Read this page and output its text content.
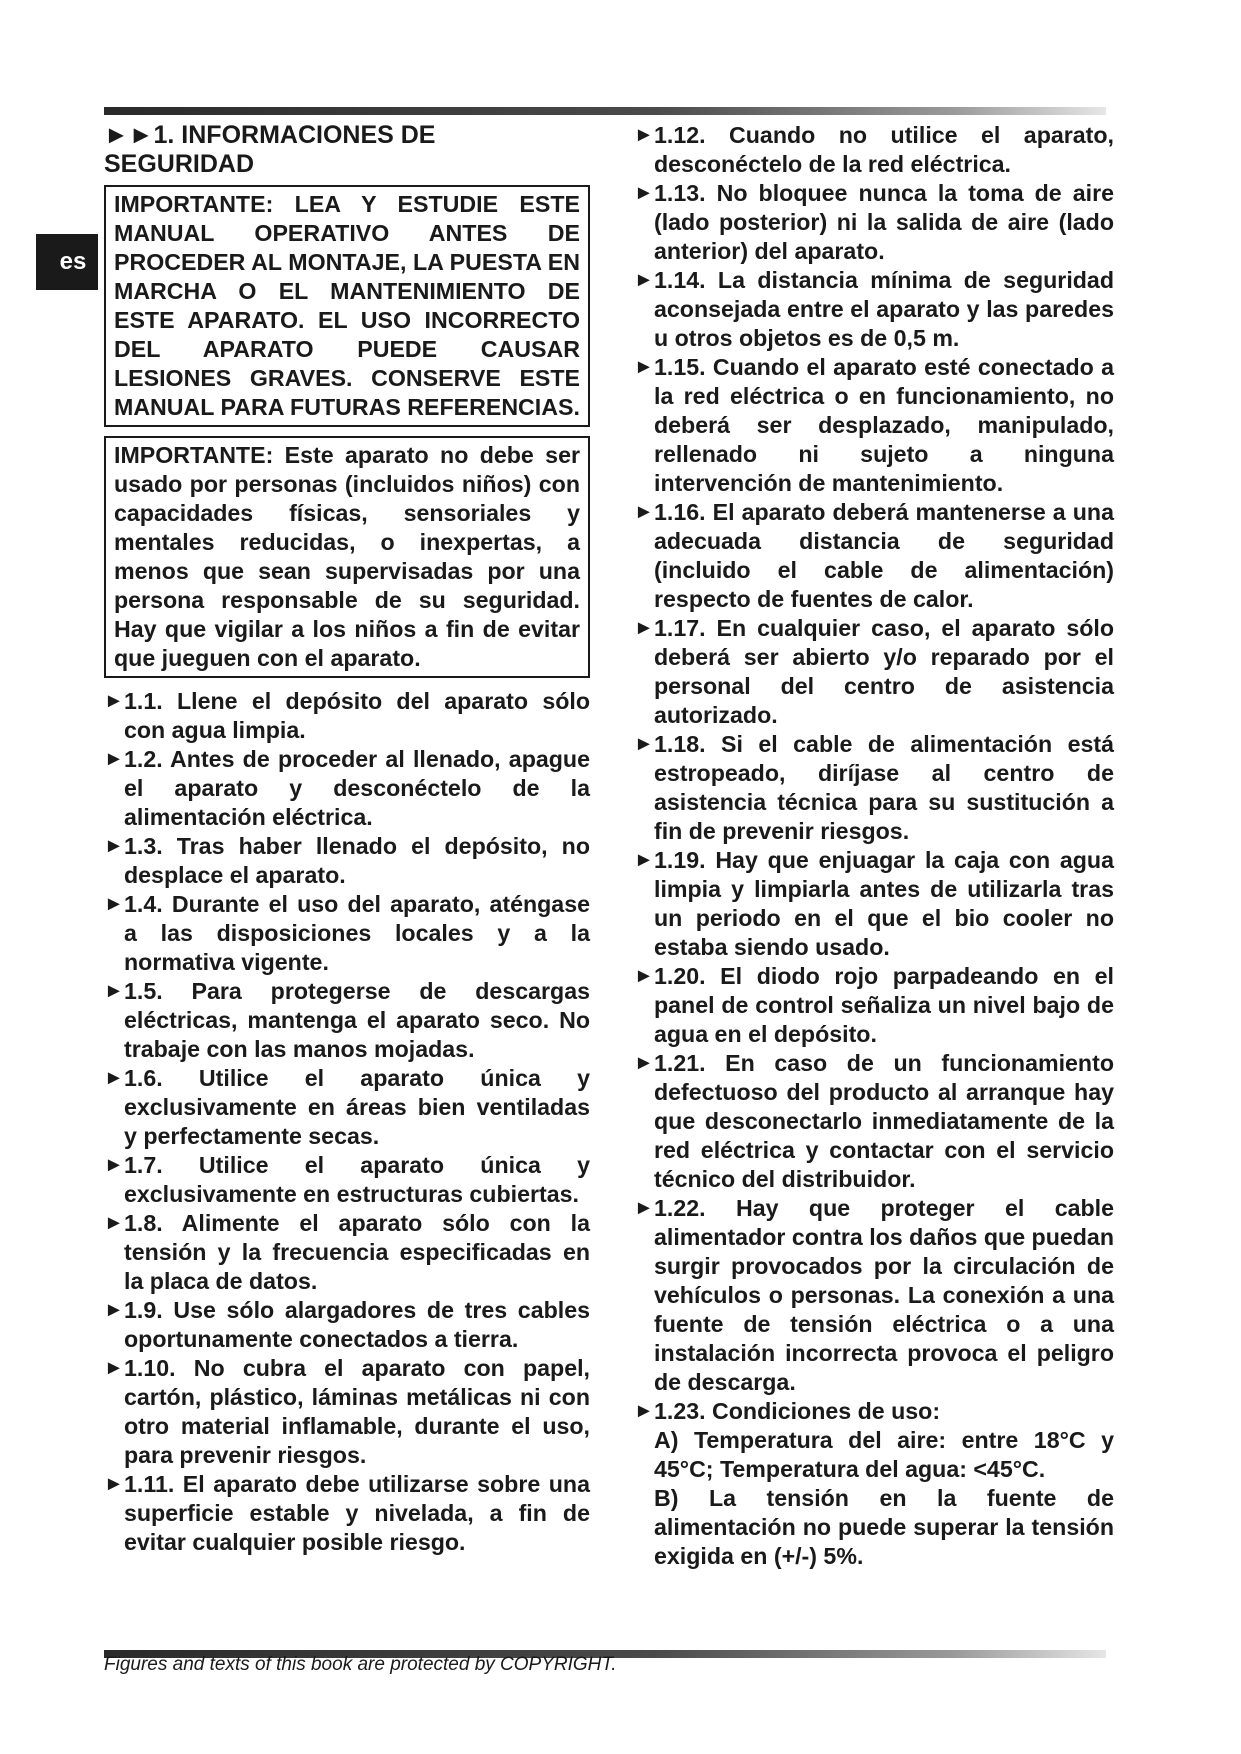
es
►►1. INFORMACIONES DE SEGURIDAD
IMPORTANTE: LEA Y ESTUDIE ESTE MANUAL OPERATIVO ANTES DE PROCEDER AL MONTAJE, LA PUESTA EN MARCHA O EL MANTENIMIENTO DE ESTE APARATO. EL USO INCORRECTO DEL APARATO PUEDE CAUSAR LESIONES GRAVES. CONSERVE ESTE MANUAL PARA FUTURAS REFERENCIAS.
IMPORTANTE: Este aparato no debe ser usado por personas (incluidos niños) con capacidades físicas, sensoriales y mentales reducidas, o inexpertas, a menos que sean supervisadas por una persona responsable de su seguridad. Hay que vigilar a los niños a fin de evitar que jueguen con el aparato.
► 1.1. Llene el depósito del aparato sólo con agua limpia.
► 1.2. Antes de proceder al llenado, apague el aparato y desconéctelo de la alimentación eléctrica.
► 1.3. Tras haber llenado el depósito, no desplace el aparato.
► 1.4. Durante el uso del aparato, aténgase a las disposiciones locales y a la normativa vigente.
► 1.5. Para protegerse de descargas eléctricas, mantenga el aparato seco. No trabaje con las manos mojadas.
► 1.6. Utilice el aparato única y exclusivamente en áreas bien ventiladas y perfectamente secas.
► 1.7. Utilice el aparato única y exclusivamente en estructuras cubiertas.
► 1.8. Alimente el aparato sólo con la tensión y la frecuencia especificadas en la placa de datos.
► 1.9. Use sólo alargadores de tres cables oportunamente conectados a tierra.
► 1.10. No cubra el aparato con papel, cartón, plástico, láminas metálicas ni con otro material inflamable, durante el uso, para prevenir riesgos.
► 1.11. El aparato debe utilizarse sobre una superficie estable y nivelada, a fin de evitar cualquier posible riesgo.
► 1.12. Cuando no utilice el aparato, desconéctelo de la red eléctrica.
► 1.13. No bloquee nunca la toma de aire (lado posterior) ni la salida de aire (lado anterior) del aparato.
► 1.14. La distancia mínima de seguridad aconsejada entre el aparato y las paredes u otros objetos es de 0,5 m.
► 1.15. Cuando el aparato esté conectado a la red eléctrica o en funcionamiento, no deberá ser desplazado, manipulado, rellenado ni sujeto a ninguna intervención de mantenimiento.
► 1.16. El aparato deberá mantenerse a una adecuada distancia de seguridad (incluido el cable de alimentación) respecto de fuentes de calor.
► 1.17. En cualquier caso, el aparato sólo deberá ser abierto y/o reparado por el personal del centro de asistencia autorizado.
► 1.18. Si el cable de alimentación está estropeado, diríjase al centro de asistencia técnica para su sustitución a fin de prevenir riesgos.
► 1.19. Hay que enjuagar la caja con agua limpia y limpiarla antes de utilizarla tras un periodo en el que el bio cooler no estaba siendo usado.
► 1.20. El diodo rojo parpadeando en el panel de control señaliza un nivel bajo de agua en el depósito.
► 1.21. En caso de un funcionamiento defectuoso del producto al arranque hay que desconectarlo inmediatamente de la red eléctrica y contactar con el servicio técnico del distribuidor.
► 1.22. Hay que proteger el cable alimentador contra los daños que puedan surgir provocados por la circulación de vehículos o personas. La conexión a una fuente de tensión eléctrica o a una instalación incorrecta provoca el peligro de descarga.
► 1.23. Condiciones de uso:
A) Temperatura del aire: entre 18°C y 45°C; Temperatura del agua: <45°C.
B) La tensión en la fuente de alimentación no puede superar la tensión exigida en (+/-) 5%.
Figures and texts of this book are protected by COPYRIGHT.
